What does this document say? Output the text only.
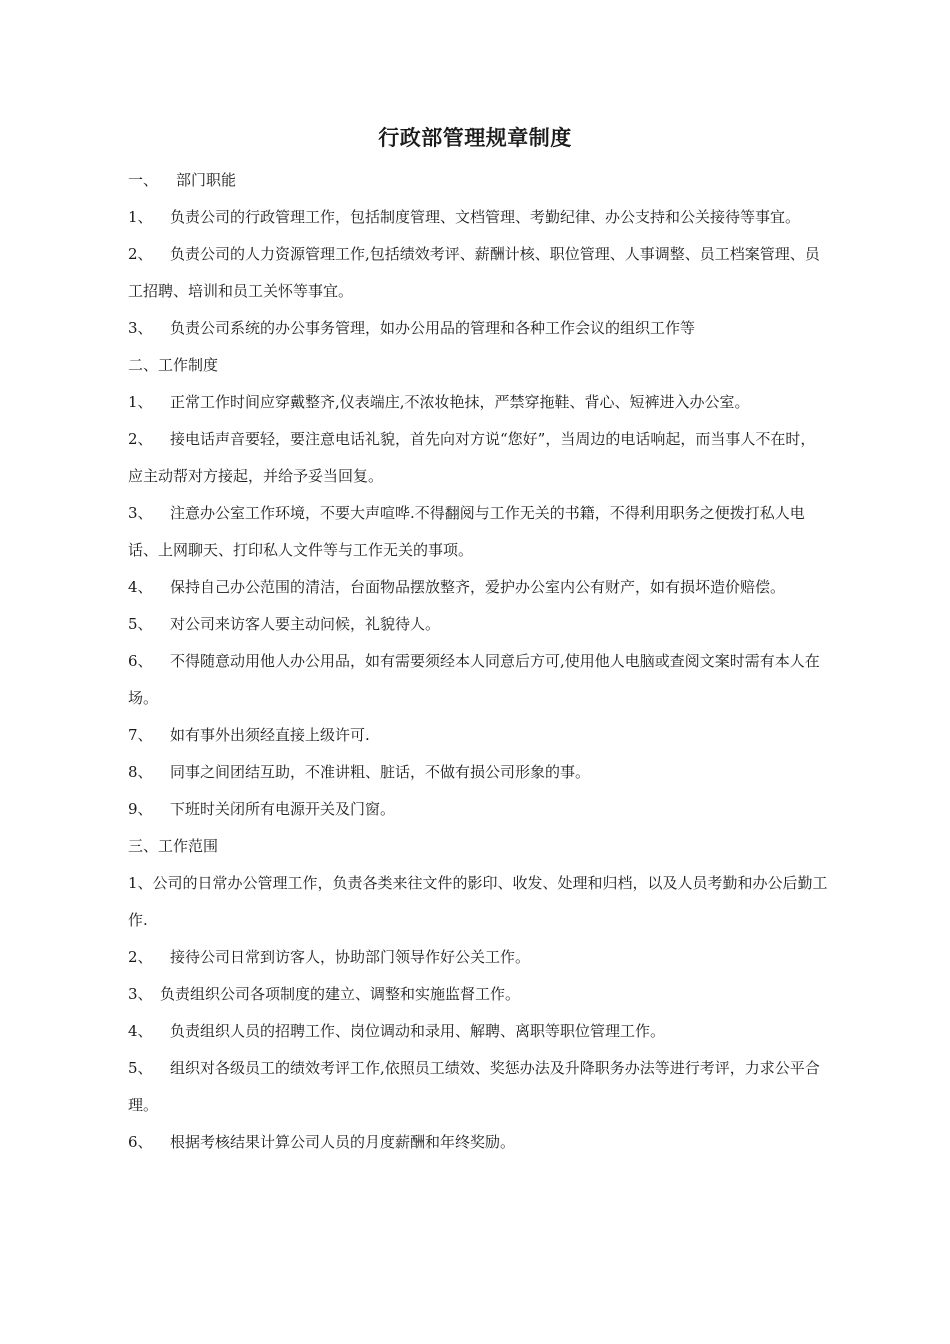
行政部管理规章制度

一、 部门职能

1、 负责公司的行政管理工作，包括制度管理、文档管理、考勤纪律、办公支持和公关接待等事宜。

2、 负责公司的人力资源管理工作,包括绩效考评、薪酬计核、职位管理、人事调整、员工档案管理、员工招聘、培训和员工关怀等事宜。

3、 负责公司系统的办公事务管理，如办公用品的管理和各种工作会议的组织工作等

二、工作制度

1、 正常工作时间应穿戴整齐,仪表端庄,不浓妆艳抹，严禁穿拖鞋、背心、短裤进入办公室。

2、 接电话声音要轻，要注意电话礼貌，首先向对方说“您好”，当周边的电话响起，而当事人不在时，应主动帮对方接起，并给予妥当回复。

3、 注意办公室工作环境，不要大声喧哗.不得翻阅与工作无关的书籍，不得利用职务之便拨打私人电话、上网聊天、打印私人文件等与工作无关的事项。

4、 保持自己办公范围的清洁，台面物品摆放整齐，爱护办公室内公有财产，如有损坏造价赔偿。

5、 对公司来访客人要主动问候，礼貌待人。

6、 不得随意动用他人办公用品，如有需要须经本人同意后方可,使用他人电脑或查阅文案时需有本人在场。

7、 如有事外出须经直接上级许可.

8、 同事之间团结互助，不准讲粗、脏话，不做有损公司形象的事。

9、 下班时关闭所有电源开关及门窗。

三、工作范围

1、公司的日常办公管理工作，负责各类来往文件的影印、收发、处理和归档，以及人员考勤和办公后勤工作.

2、 接待公司日常到访客人，协助部门领导作好公关工作。

3、 负责组织公司各项制度的建立、调整和实施监督工作。

4、 负责组织人员的招聘工作、岗位调动和录用、解聘、离职等职位管理工作。

5、 组织对各级员工的绩效考评工作,依照员工绩效、奖惩办法及升降职务办法等进行考评，力求公平合理。

6、 根据考核结果计算公司人员的月度薪酬和年终奖励。
